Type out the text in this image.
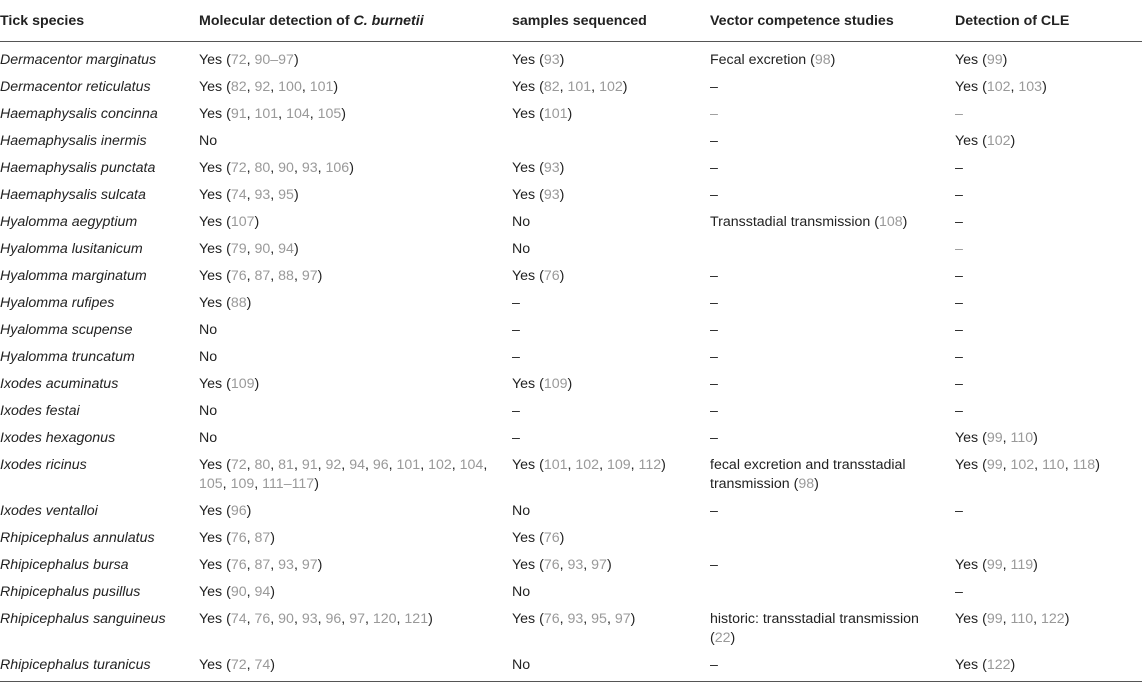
Tick species	Molecular detection of C. burnetii	samples sequenced	Vector competence studies	Detection of CLE
Dermacentor marginatus	Yes (72, 90–97)	Yes (93)	Fecal excretion (98)	Yes (99)
Dermacentor reticulatus	Yes (82, 92, 100, 101)	Yes (82, 101, 102)	–	Yes (102, 103)
Haemaphysalis concinna	Yes (91, 101, 104, 105)	Yes (101)	–	–
Haemaphysalis inermis	No		–	Yes (102)
Haemaphysalis punctata	Yes (72, 80, 90, 93, 106)	Yes (93)	–	–
Haemaphysalis sulcata	Yes (74, 93, 95)	Yes (93)	–	–
Hyalomma aegyptium	Yes (107)	No	Transstadial transmission (108)	–
Hyalomma lusitanicum	Yes (79, 90, 94)	No		–
Hyalomma marginatum	Yes (76, 87, 88, 97)	Yes (76)	–	–
Hyalomma rufipes	Yes (88)	–	–	–
Hyalomma scupense	No	–	–	–
Hyalomma truncatum	No	–	–	–
Ixodes acuminatus	Yes (109)	Yes (109)	–	–
Ixodes festai	No	–	–	–
Ixodes hexagonus	No	–	–	Yes (99, 110)
Ixodes ricinus	Yes (72, 80, 81, 91, 92, 94, 96, 101, 102, 104, 105, 109, 111–117)	Yes (101, 102, 109, 112)	fecal excretion and transstadial transmission (98)	Yes (99, 102, 110, 118)
Ixodes ventalloi	Yes (96)	No	–	–
Rhipicephalus annulatus	Yes (76, 87)	Yes (76)		
Rhipicephalus bursa	Yes (76, 87, 93, 97)	Yes (76, 93, 97)	–	Yes (99, 119)
Rhipicephalus pusillus	Yes (90, 94)	No		–
Rhipicephalus sanguineus	Yes (74, 76, 90, 93, 96, 97, 120, 121)	Yes (76, 93, 95, 97)	historic: transstadial transmission (22)	Yes (99, 110, 122)
Rhipicephalus turanicus	Yes (72, 74)	No	–	Yes (122)
